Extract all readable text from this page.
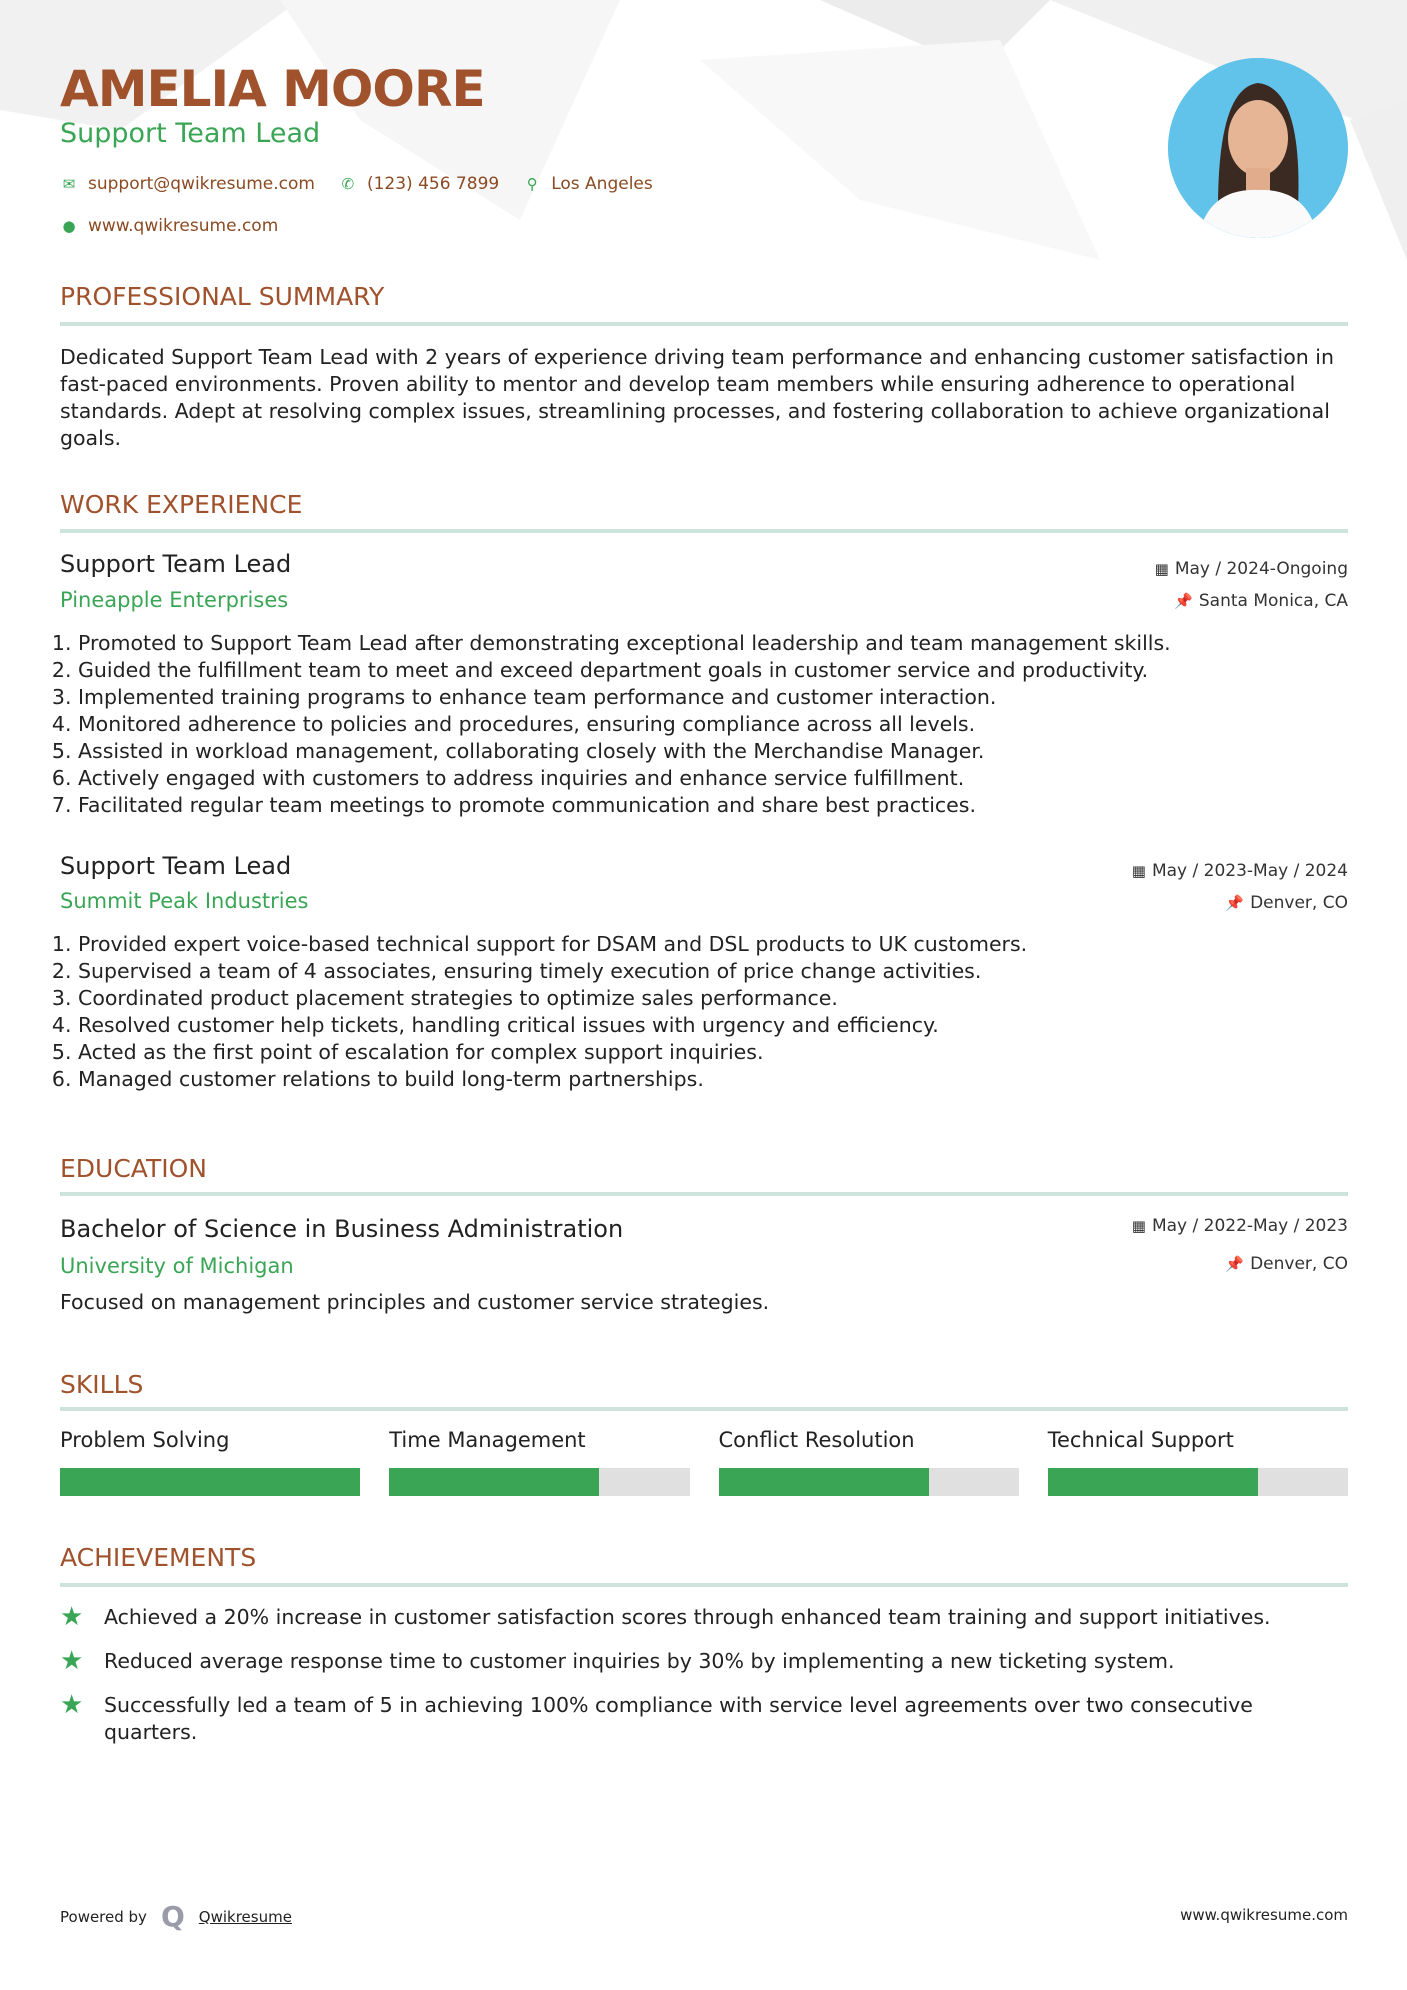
AMELIA MOORE
Support Team Lead
✉ support@qwikresume.com ✆ (123) 456 7899 ⚲ Los Angeles
● www.qwikresume.com
PROFESSIONAL SUMMARY
Dedicated Support Team Lead with 2 years of experience driving team performance and enhancing customer satisfaction in fast-paced environments. Proven ability to mentor and develop team members while ensuring adherence to operational standards. Adept at resolving complex issues, streamlining processes, and fostering collaboration to achieve organizational goals.
WORK EXPERIENCE
Support Team Lead
Pineapple Enterprises
▦ May / 2024-Ongoing
📌 Santa Monica, CA
1. Promoted to Support Team Lead after demonstrating exceptional leadership and team management skills.
2. Guided the fulfillment team to meet and exceed department goals in customer service and productivity.
3. Implemented training programs to enhance team performance and customer interaction.
4. Monitored adherence to policies and procedures, ensuring compliance across all levels.
5. Assisted in workload management, collaborating closely with the Merchandise Manager.
6. Actively engaged with customers to address inquiries and enhance service fulfillment.
7. Facilitated regular team meetings to promote communication and share best practices.
Support Team Lead
Summit Peak Industries
▦ May / 2023-May / 2024
📌 Denver, CO
1. Provided expert voice-based technical support for DSAM and DSL products to UK customers.
2. Supervised a team of 4 associates, ensuring timely execution of price change activities.
3. Coordinated product placement strategies to optimize sales performance.
4. Resolved customer help tickets, handling critical issues with urgency and efficiency.
5. Acted as the first point of escalation for complex support inquiries.
6. Managed customer relations to build long-term partnerships.
EDUCATION
Bachelor of Science in Business Administration
University of Michigan
▦ May / 2022-May / 2023
📌 Denver, CO
Focused on management principles and customer service strategies.
SKILLS
Problem Solving	Time Management	Conflict Resolution	Technical Support
ACHIEVEMENTS
★	Achieved a 20% increase in customer satisfaction scores through enhanced team training and support initiatives.
★	Reduced average response time to customer inquiries by 30% by implementing a new ticketing system.
★	Successfully led a team of 5 in achieving 100% compliance with service level agreements over two consecutive quarters.
Powered by Q Qwikresume	www.qwikresume.com
